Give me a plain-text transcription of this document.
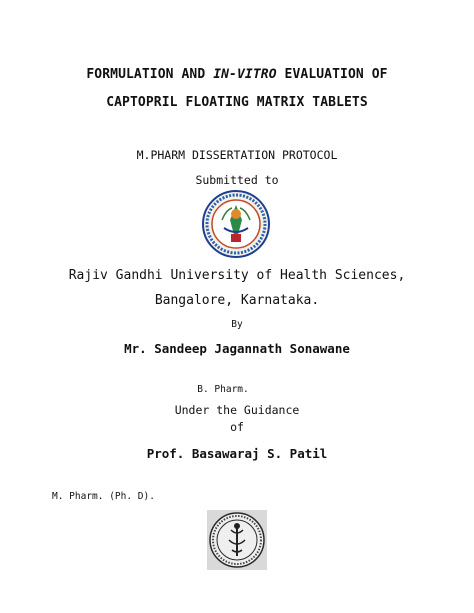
FORMULATION AND IN-VITRO EVALUATION OF
CAPTOPRIL FLOATING MATRIX TABLETS
M.PHARM DISSERTATION PROTOCOL
Submitted to
Rajiv Gandhi University of Health Sciences,
Bangalore, Karnataka.
By
Mr. Sandeep Jagannath Sonawane
B. Pharm.
Under the Guidance
of
Prof. Basawaraj S. Patil
M. Pharm. (Ph. D).
